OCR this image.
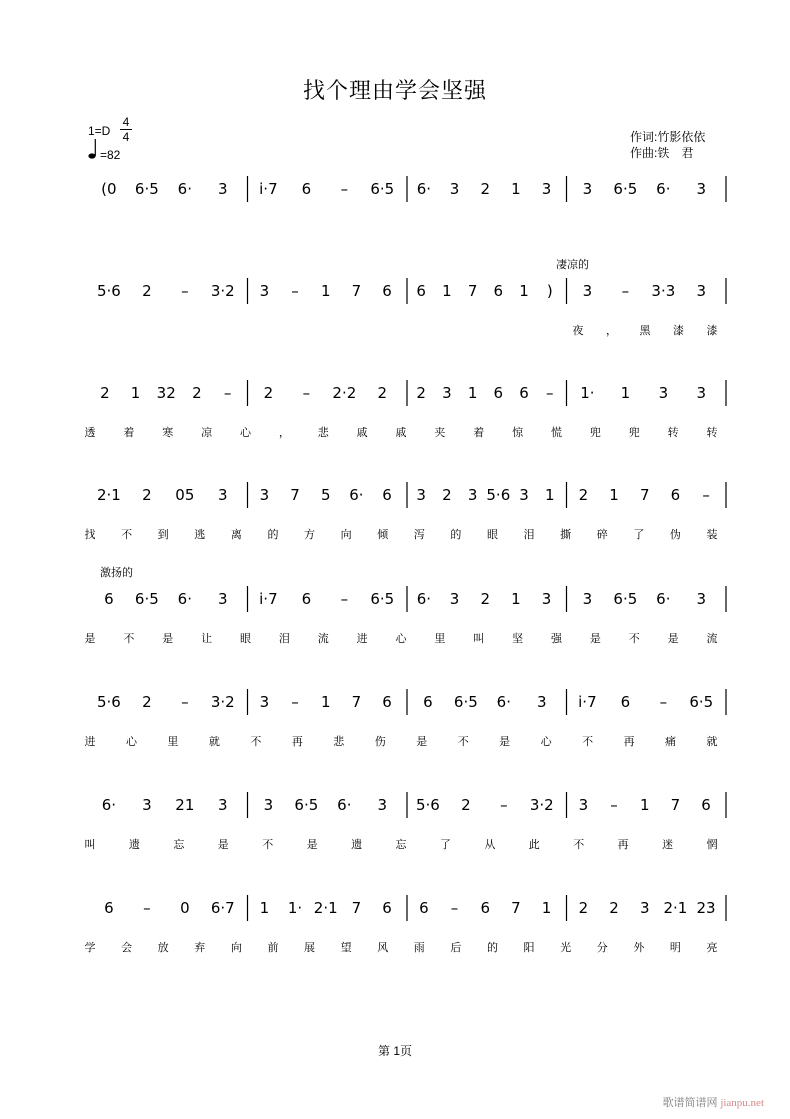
找个理由学会坚强
1=D
4
4
=82
作词:竹影依依
作曲:铁　君
(0 6·5 6· 3 i·7 6 – 6·5 6· 3 2 1 3 3 6·5 6· 3
凄凉的
5·6 2 – 3·2 3 – 1 7 6 6 1 7 6 1 ) 3 – 3·3 3
夜 ， 黑 漆 漆
2 1 32 2 – 2 – 2·2 2 2 3 1 6 6 – 1· 1 3 3
透	着	寒	凉	心	，	悲	戚	戚	夹	着	惊	慌	兜	兜	转	转
2·1 2 05 3 3 7 5 6· 6 3 2 3 5·6 3 1 2 1 7 6 –
找 不 到 逃 离 的 方 向 倾 泻 的 眼 泪 撕 碎 了 伪 装
激扬的
6 6·5 6· 3 i·7 6 – 6·5 6· 3 2 1 3 3 6·5 6· 3
是	不	是	让	眼	泪	流	进	心	里	叫	坚	强	是	不	是	流
5·6 2 – 3·2 3 – 1 7 6 6 6·5 6· 3 i·7 6 – 6·5
进	心	里	就	不	再	悲	伤	是	不	是	心	不	再	痛	就
6· 3 21 3 3 6·5 6· 3 5·6 2 – 3·2 3 – 1 7 6
叫	遗	忘	是	不	是	遗	忘	了	从	此	不	再	迷	惘
6 – 0 6·7 1 1· 2·1 7 6 6 – 6 7 1 2 2 3 2·1 23
学 会 放 弃 向 前 展 望 风 雨 后 的 阳 光 分 外 明 亮
第 1页
歌谱简谱网 jianpu.net
